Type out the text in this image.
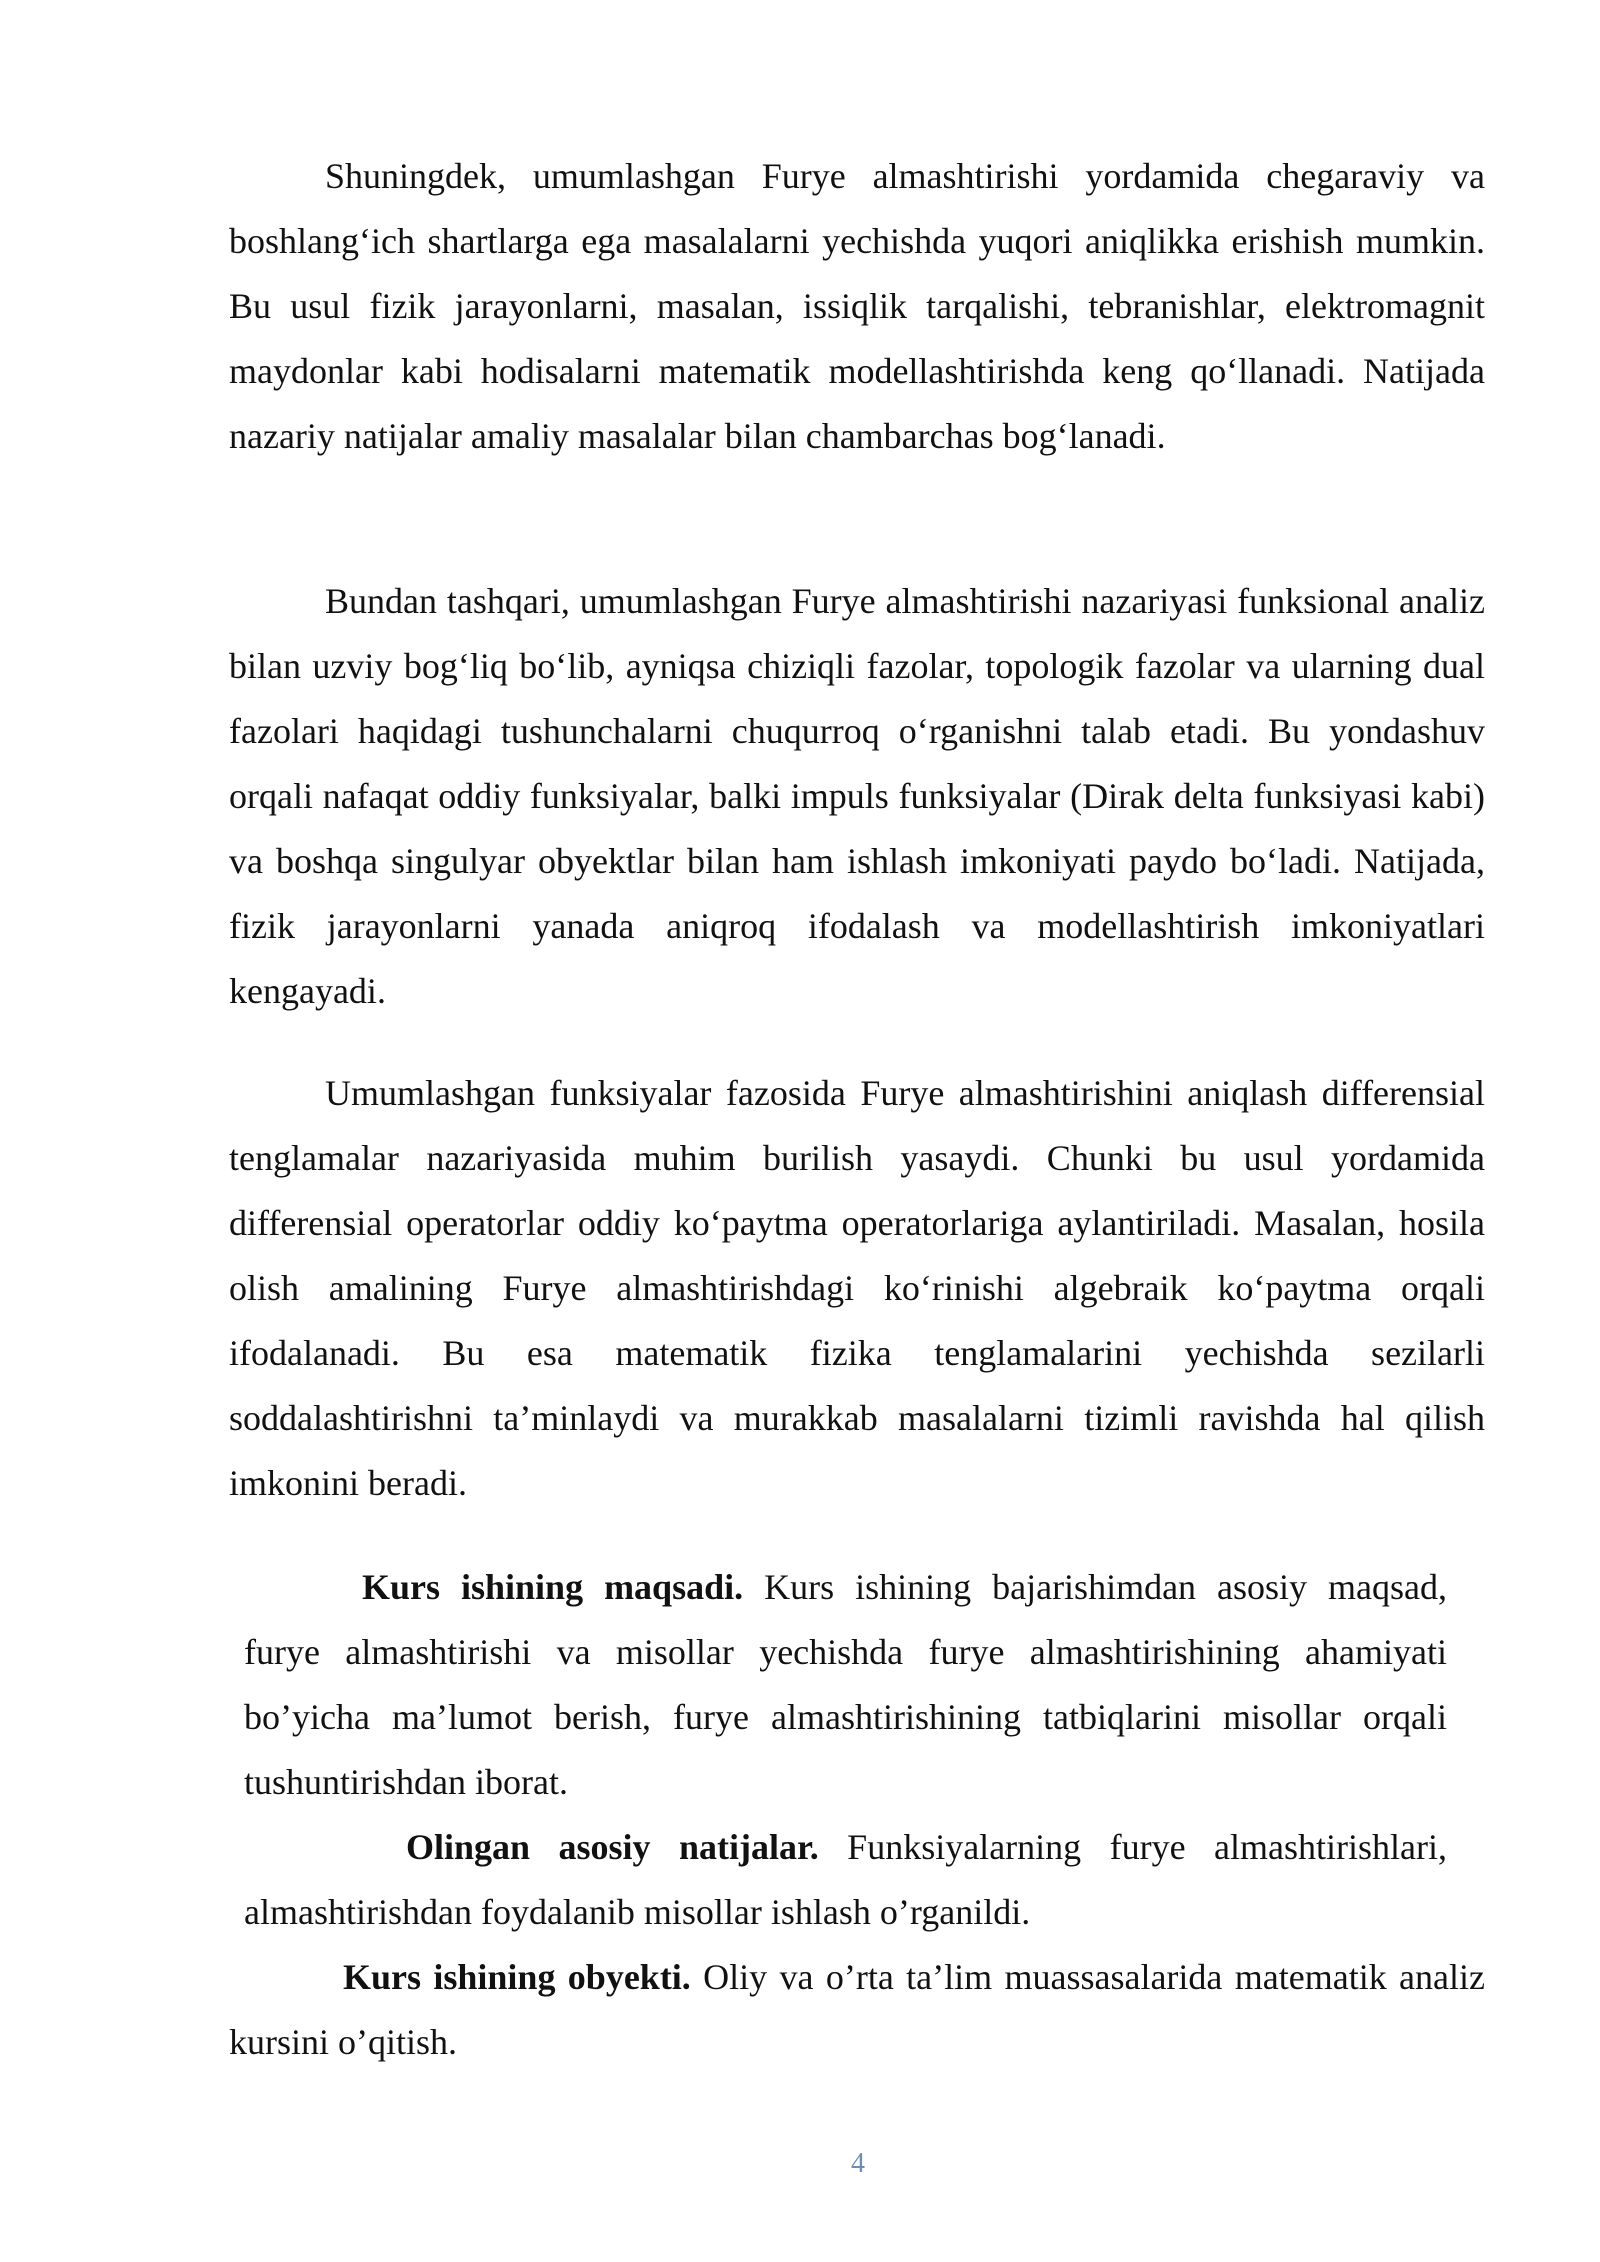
Shuningdek, umumlashgan Furye almashtirishi yordamida chegaraviy va boshlang‘ich shartlarga ega masalalarni yechishda yuqori aniqlikka erishish mumkin. Bu usul fizik jarayonlarni, masalan, issiqlik tarqalishi, tebranishlar, elektromagnit maydonlar kabi hodisalarni matematik modellashtirishda keng qo‘llanadi. Natijada nazariy natijalar amaliy masalalar bilan chambarchas bog‘lanadi.

Bundan tashqari, umumlashgan Furye almashtirishi nazariyasi funksional analiz bilan uzviy bog‘liq bo‘lib, ayniqsa chiziqli fazolar, topologik fazolar va ularning dual fazolari haqidagi tushunchalarni chuqurroq o‘rganishni talab etadi. Bu yondashuv orqali nafaqat oddiy funksiyalar, balki impuls funksiyalar (Dirak delta funksiyasi kabi) va boshqa singulyar obyektlar bilan ham ishlash imkoniyati paydo bo‘ladi. Natijada, fizik jarayonlarni yanada aniqroq ifodalash va modellashtirish imkoniyatlari kengayadi.

Umumlashgan funksiyalar fazosida Furye almashtirishini aniqlash differensial tenglamalar nazariyasida muhim burilish yasaydi. Chunki bu usul yordamida differensial operatorlar oddiy ko‘paytma operatorlariga aylantiriladi. Masalan, hosila olish amalining Furye almashtirishdagi ko‘rinishi algebraik ko‘paytma orqali ifodalanadi. Bu esa matematik fizika tenglamalarini yechishda sezilarli soddalashtirishni ta’minlaydi va murakkab masalalarni tizimli ravishda hal qilish imkonini beradi.

Kurs ishining maqsadi. Kurs ishining bajarishimdan asosiy maqsad, furye almashtirishi va misollar yechishda furye almashtirishining ahamiyati bo’yicha ma’lumot berish, furye almashtirishining tatbiqlarini misollar orqali tushuntirishdan iborat.

Olingan asosiy natijalar. Funksiyalarning furye almashtirishlari, almashtirishdan foydalanib misollar ishlash o’rganildi.

Kurs ishining obyekti. Oliy va o’rta ta’lim muassasalarida matematik analiz kursini o’qitish.

4
